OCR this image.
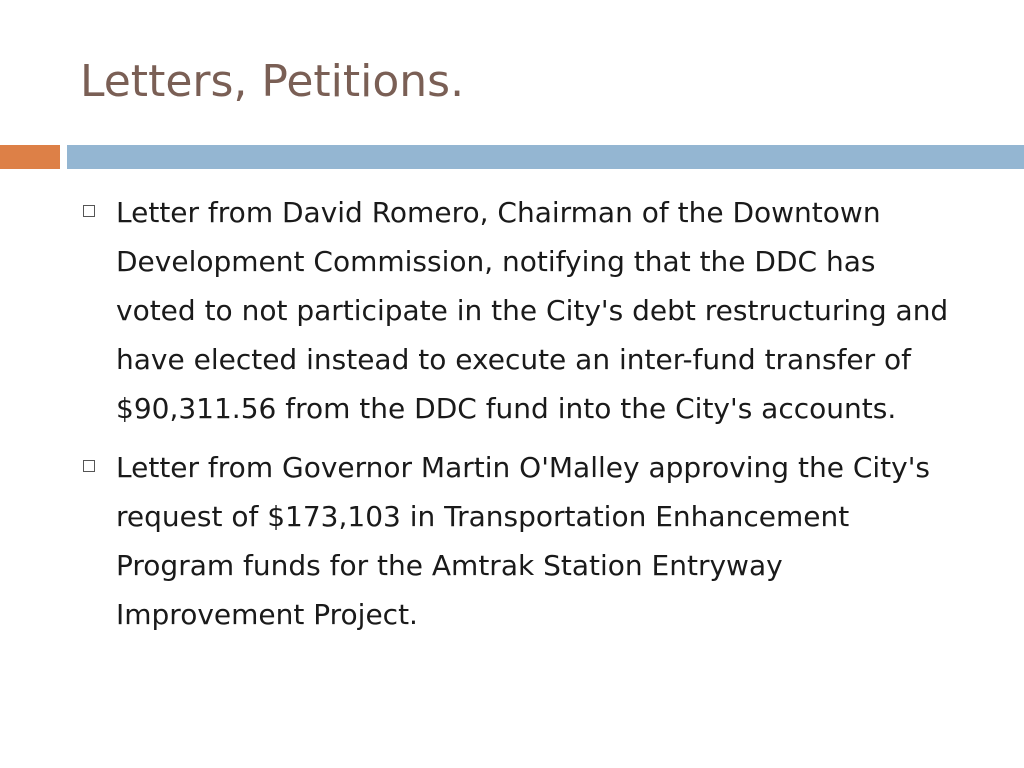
Letters, Petitions.
Letter from David Romero, Chairman of the Downtown Development Commission, notifying that the DDC has voted to not participate in the City's debt restructuring and have elected instead to execute an inter-fund transfer of $90,311.56 from the DDC fund into the City's accounts.
Letter from Governor Martin O'Malley approving the City's request of $173,103 in Transportation Enhancement Program funds for the Amtrak Station Entryway Improvement Project.
